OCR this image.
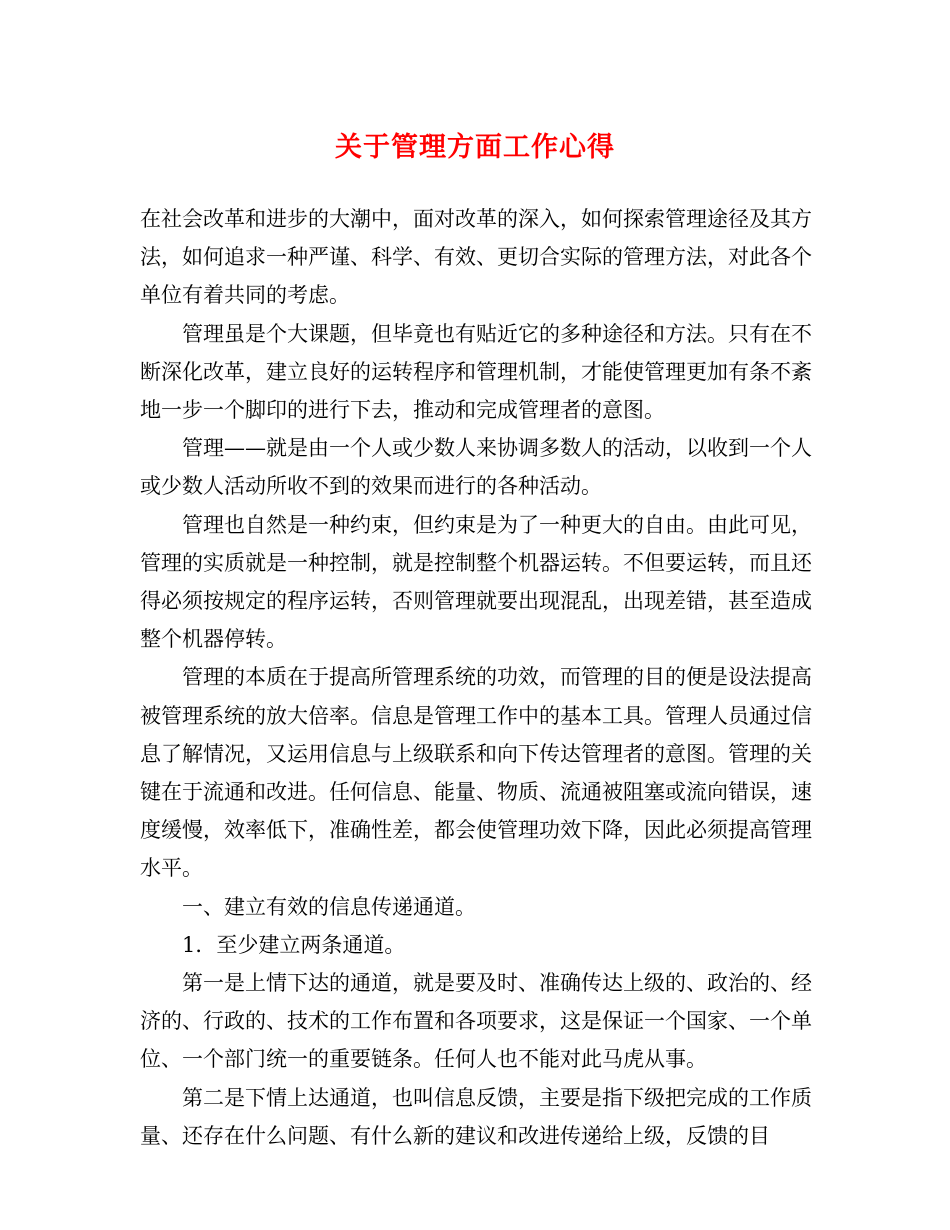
关于管理方面工作心得

在社会改革和进步的大潮中，面对改革的深入，如何探索管理途径及其方法，如何追求一种严谨、科学、有效、更切合实际的管理方法，对此各个单位有着共同的考虑。

管理虽是个大课题，但毕竟也有贴近它的多种途径和方法。只有在不断深化改革，建立良好的运转程序和管理机制，才能使管理更加有条不紊地一步一个脚印的进行下去，推动和完成管理者的意图。

管理——就是由一个人或少数人来协调多数人的活动，以收到一个人或少数人活动所收不到的效果而进行的各种活动。

管理也自然是一种约束，但约束是为了一种更大的自由。由此可见，管理的实质就是一种控制，就是控制整个机器运转。不但要运转，而且还得必须按规定的程序运转，否则管理就要出现混乱，出现差错，甚至造成整个机器停转。

管理的本质在于提高所管理系统的功效，而管理的目的便是设法提高被管理系统的放大倍率。信息是管理工作中的基本工具。管理人员通过信息了解情况，又运用信息与上级联系和向下传达管理者的意图。管理的关键在于流通和改进。任何信息、能量、物质、流通被阻塞或流向错误，速度缓慢，效率低下，准确性差，都会使管理功效下降，因此必须提高管理水平。

一、建立有效的信息传递通道。

1．至少建立两条通道。

第一是上情下达的通道，就是要及时、准确传达上级的、政治的、经济的、行政的、技术的工作布置和各项要求，这是保证一个国家、一个单位、一个部门统一的重要链条。任何人也不能对此马虎从事。

第二是下情上达通道，也叫信息反馈，主要是指下级把完成的工作质量、还存在什么问题、有什么新的建议和改进传递给上级，反馈的目
